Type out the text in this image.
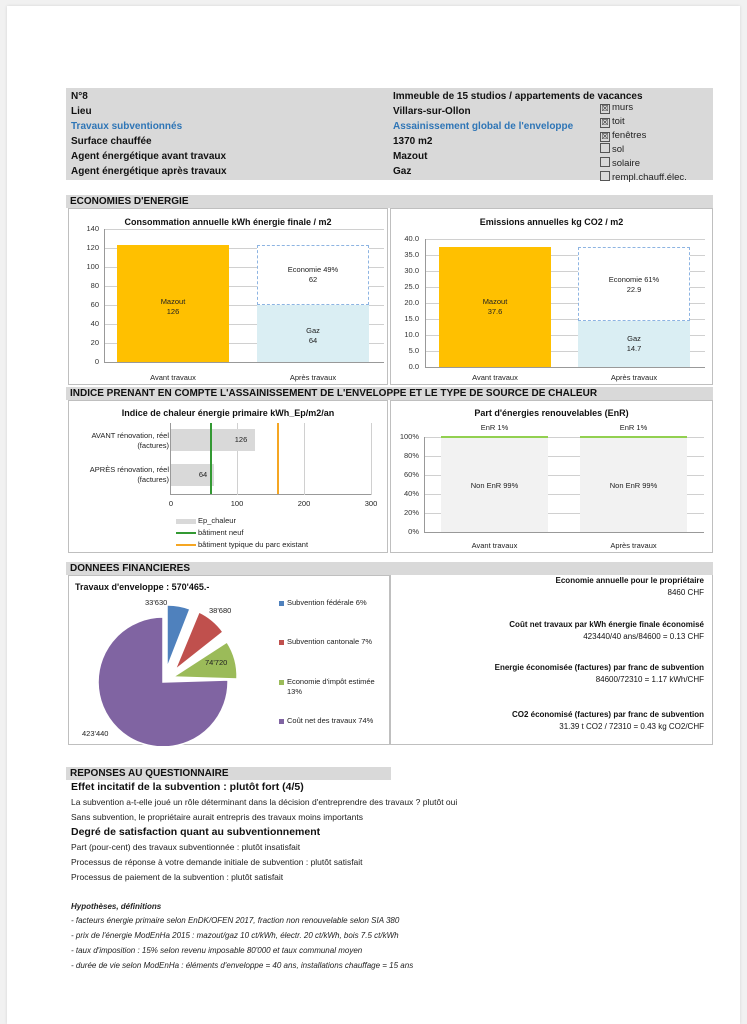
N°8	Immeuble de 15 studios / appartements de vacances
Lieu	Villars-sur-Ollon
Travaux subventionnés	Assainissement global de l'enveloppe
Surface chauffée	1370 m2
Agent énergétique avant travaux	Mazout
Agent énergétique après travaux	Gaz
☒ murs
☒ toit
☒ fenêtres
sol
solaire
rempl.chauff.élec.
ECONOMIES D'ENERGIE
Consommation annuelle kWh énergie finale / m2
140
120
100
80
60
40
20
0
Mazout
126
Gaz
64
Economie 49%
62
Avant travaux	Après travaux
Emissions annuelles kg CO2 / m2
40.0
35.0
30.0
25.0
20.0
15.0
10.0
5.0
0.0
Mazout
37.6
Gaz
14.7
Economie 61%
22.9
Avant travaux	Après travaux
INDICE PRENANT EN COMPTE L'ASSAINISSEMENT DE L'ENVELOPPE ET LE TYPE DE SOURCE DE CHALEUR
Indice de chaleur énergie primaire kWh_Ep/m2/an
AVANT rénovation, réel
(factures)
APRÈS rénovation, réel
(factures)
126
64
0	100	200	300
Ep_chaleur
bâtiment neuf
bâtiment typique du parc existant
Part d'énergies renouvelables (EnR)
EnR 1%	EnR 1%
100%
80%
60%
40%
20%
0%
Non EnR 99%	Non EnR 99%
Avant travaux	Après travaux
DONNEES FINANCIERES
Travaux d'enveloppe : 570'465.-
33'630
38'680
74'720
423'440
Subvention fédérale 6%
Subvention cantonale 7%
Economie d'impôt estimée 13%
Coût net des travaux 74%
Economie annuelle pour le propriétaire
8460 CHF
Coût net travaux par kWh énergie finale économisé
423440/40 ans/84600 = 0.13 CHF
Energie économisée (factures) par franc de subvention
84600/72310 = 1.17 kWh/CHF
CO2 économisé (factures) par franc de subvention
31.39 t CO2 / 72310 = 0.43 kg CO2/CHF
REPONSES AU QUESTIONNAIRE
Effet incitatif de la subvention : plutôt fort (4/5)
La subvention a-t-elle joué un rôle déterminant dans la décision d'entreprendre des travaux ? plutôt oui
Sans subvention, le propriétaire aurait entrepris des travaux moins importants
Degré de satisfaction quant au subventionnement
Part (pour-cent) des travaux subventionnée : plutôt insatisfait
Processus de réponse à votre demande initiale de subvention : plutôt satisfait
Processus de paiement de la subvention : plutôt satisfait
Hypothèses, définitions
- facteurs énergie primaire selon EnDK/OFEN 2017, fraction non renouvelable selon SIA 380
- prix de l'énergie ModEnHa 2015 : mazout/gaz 10 ct/kWh, électr. 20 ct/kWh, bois 7.5 ct/kWh
- taux d'imposition : 15% selon revenu imposable 80'000 et taux communal moyen
- durée de vie selon ModEnHa : éléments d'enveloppe = 40 ans, installations chauffage = 15 ans
